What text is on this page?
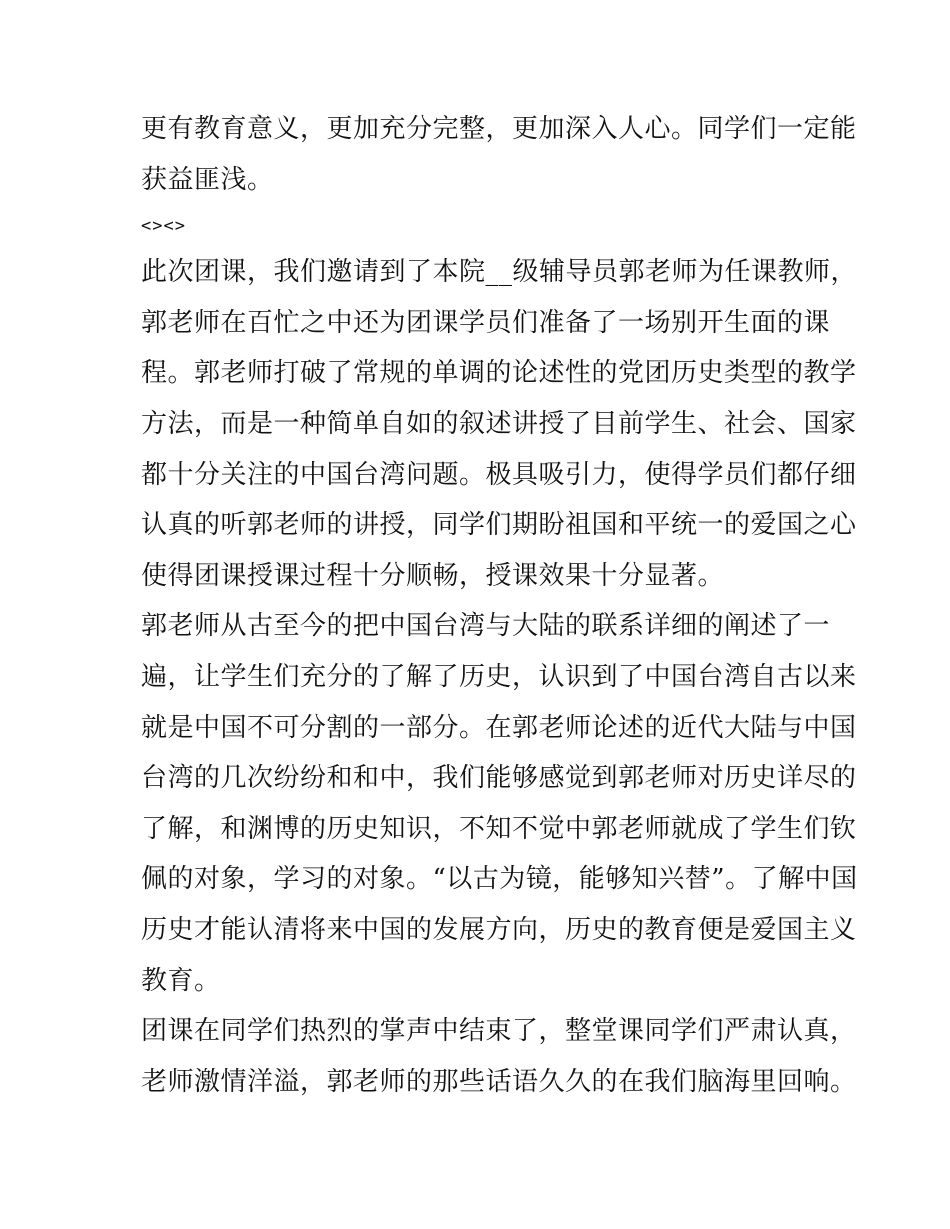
更有教育意义，更加充分完整，更加深入人心。同学们一定能
获益匪浅。
<><>
此次团课，我们邀请到了本院__级辅导员郭老师为任课教师，
郭老师在百忙之中还为团课学员们准备了一场别开生面的课
程。郭老师打破了常规的单调的论述性的党团历史类型的教学
方法，而是一种简单自如的叙述讲授了目前学生、社会、国家
都十分关注的中国台湾问题。极具吸引力，使得学员们都仔细
认真的听郭老师的讲授，同学们期盼祖国和平统一的爱国之心
使得团课授课过程十分顺畅，授课效果十分显著。
郭老师从古至今的把中国台湾与大陆的联系详细的阐述了一
遍，让学生们充分的了解了历史，认识到了中国台湾自古以来
就是中国不可分割的一部分。在郭老师论述的近代大陆与中国
台湾的几次纷纷和和中，我们能够感觉到郭老师对历史详尽的
了解，和渊博的历史知识，不知不觉中郭老师就成了学生们钦
佩的对象，学习的对象。“以古为镜，能够知兴替”。了解中国
历史才能认清将来中国的发展方向，历史的教育便是爱国主义
教育。
团课在同学们热烈的掌声中结束了，整堂课同学们严肃认真，
老师激情洋溢，郭老师的那些话语久久的在我们脑海里回响。
